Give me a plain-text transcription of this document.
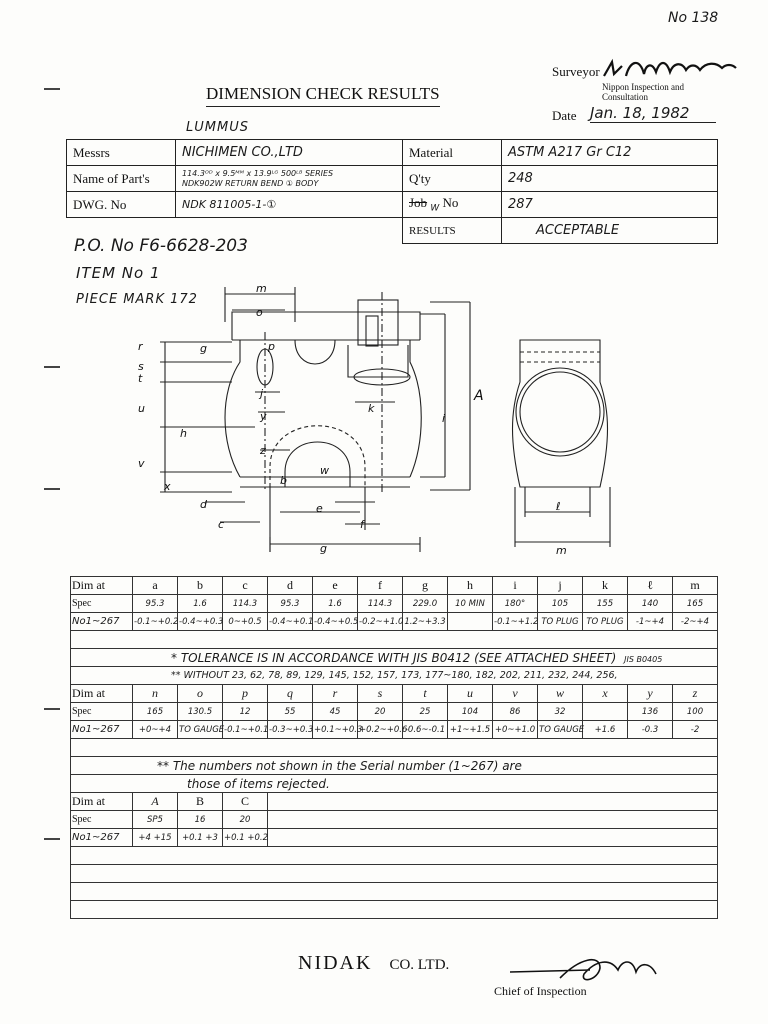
No 138
Surveyor
Nippon Inspection and
Consultation
Date Jan. 18, 1982
DIMENSION CHECK RESULTS
LUMMUS
Messrs	NICHIMEN CO.,LTD	Material	ASTM A217 Gr C12
Name of Part's	114.3ᴼᴰ x 9.5ᴹᴹ x 13.9ᴸᴳ 500ᴸᴮ SERIES
NDK902W RETURN BEND ① BODY	Q'ty	248
DWG. No	NDK 811005-1-①	Job $_W$ No	287
		RESULTS	ACCEPTABLE
P.O. No F6-6628-203
ITEM No 1
PIECE MARK 172
m
o
r	g	p
s
t
j
u
y
k
h
z
v
w
x	b
d	e
c	f
g
A
i
ℓ
m
Dim at	a	b	c	d	e	f	g	h	i	j	k	ℓ	m
Spec	95.3	1.6	114.3	95.3	1.6	114.3	229.0	10 MIN	180°	105	155	140	165
No1~267	-0.1~+0.2	-0.4~+0.3	0~+0.5	-0.4~+0.1	-0.4~+0.5	-0.2~+1.0	1.2~+3.3		-0.1~+1.2	TO PLUG	TO PLUG	-1~+4	-2~+4

* TOLERANCE IS IN ACCORDANCE WITH JIS B0412 (SEE ATTACHED SHEET) JIS B0405													
** WITHOUT 23, 62, 78, 89, 129, 145, 152, 157, 173, 177~180, 182, 202, 211, 232, 244, 256,													
Dim at	n	o	p	q	r	s	t	u	v	w	x	y	z
Spec	165	130.5	12	55	45	20	25	104	86	32		136	100
No1~267	+0~+4	TO GAUGE	-0.1~+0.1	-0.3~+0.3	+0.1~+0.3	+0.2~+0.6	-0.6~-0.1	+1~+1.5	+0~+1.0	TO GAUGE	+1.6	-0.3	-2

** The numbers not shown in the Serial number (1~267) are													
those of items rejected.													
Dim at	A	B	C										
Spec	SP5	16	20										
No1~267	+4 +15	+0.1 +3	+0.1 +0.2										

NIDAK CO. LTD.
Chief of Inspection
